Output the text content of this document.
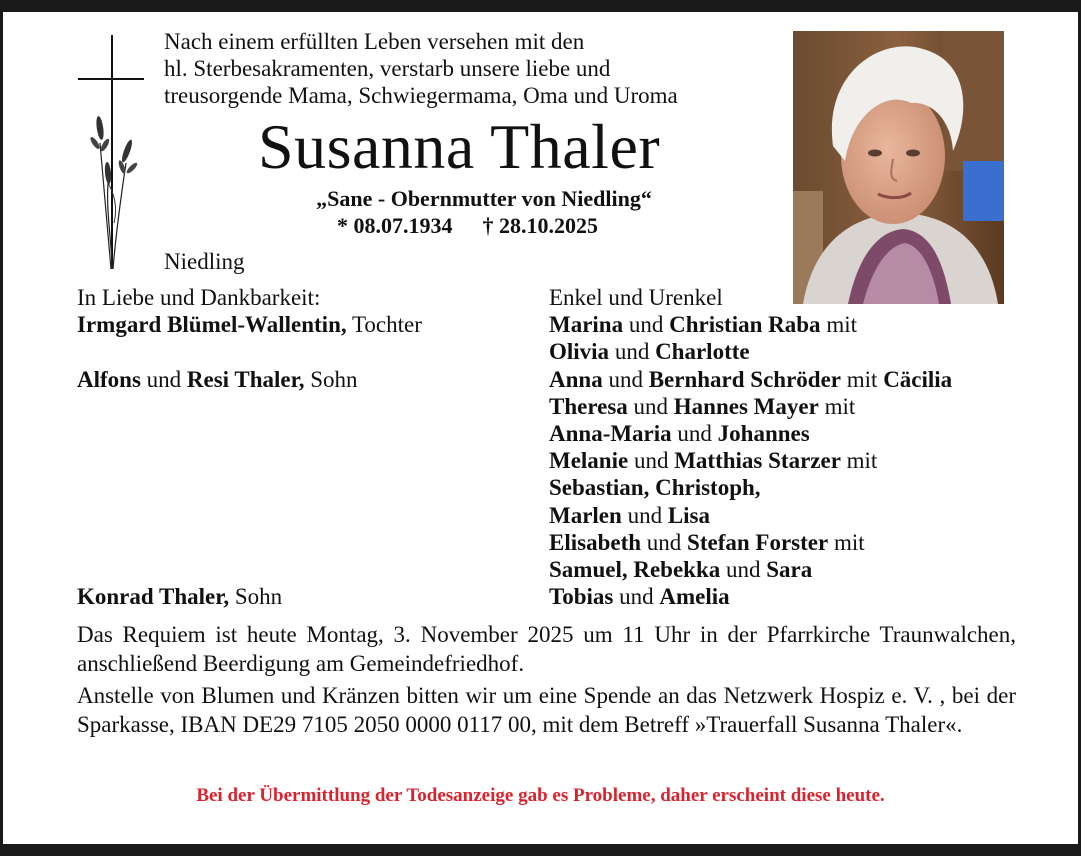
Nach einem erfüllten Leben versehen mit den
hl. Sterbesakramenten, verstarb unsere liebe und
treusorgende Mama, Schwiegermama, Oma und Uroma
Susanna Thaler
„Sane - Obernmutter von Niedling“
* 08.07.1934 † 28.10.2025
Niedling
In Liebe und Dankbarkeit:
Irmgard Blümel-Wallentin, Tochter
Alfons und Resi Thaler, Sohn
Konrad Thaler, Sohn
Enkel und Urenkel
Marina und Christian Raba mit
Olivia und Charlotte
Anna und Bernhard Schröder mit Cäcilia
Theresa und Hannes Mayer mit
Anna-Maria und Johannes
Melanie und Matthias Starzer mit
Sebastian, Christoph,
Marlen und Lisa
Elisabeth und Stefan Forster mit
Samuel, Rebekka und Sara
Tobias und Amelia
Das Requiem ist heute Montag, 3. November 2025 um 11 Uhr in der Pfarrkirche Traunwalchen, anschließend Beerdigung am Gemeindefriedhof.
Anstelle von Blumen und Kränzen bitten wir um eine Spende an das Netzwerk Hospiz e. V. , bei der Sparkasse, IBAN DE29 7105 2050 0000 0117 00, mit dem Betreff »Trauerfall Susanna Thaler«.
Bei der Übermittlung der Todesanzeige gab es Probleme, daher erscheint diese heute.
